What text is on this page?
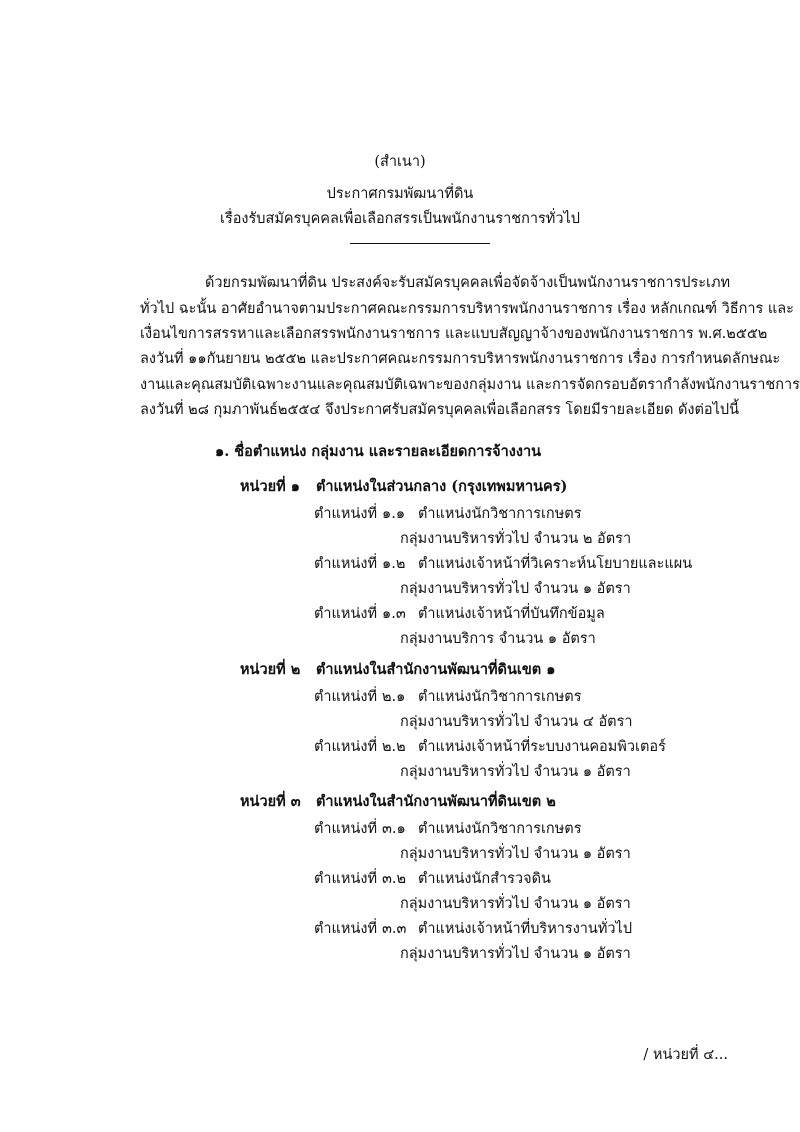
(สำเนา)
ประกาศกรมพัฒนาที่ดิน
เรื่องรับสมัครบุคคลเพื่อเลือกสรรเป็นพนักงานราชการทั่วไป
ด้วยกรมพัฒนาที่ดิน ประสงค์จะรับสมัครบุคคลเพื่อจัดจ้างเป็นพนักงานราชการประเภท
ทั่วไป ฉะนั้น อาศัยอำนาจตามประกาศคณะกรรมการบริหารพนักงานราชการ เรื่อง หลักเกณฑ์ วิธีการ และ
เงื่อนไขการสรรหาและเลือกสรรพนักงานราชการ และแบบสัญญาจ้างของพนักงานราชการ พ.ศ.๒๕๕๒
ลงวันที่ ๑๑กันยายน ๒๕๕๒ และประกาศคณะกรรมการบริหารพนักงานราชการ เรื่อง การกำหนดลักษณะ
งานและคุณสมบัติเฉพาะงานและคุณสมบัติเฉพาะของกลุ่มงาน และการจัดกรอบอัตรากำลังพนักงานราชการ
ลงวันที่ ๒๘ กุมภาพันธ์๒๕๕๔ จึงประกาศรับสมัครบุคคลเพื่อเลือกสรร โดยมีรายละเอียด ดังต่อไปนี้
๑. ชื่อตำแหน่ง กลุ่มงาน และรายละเอียดการจ้างงาน
หน่วยที่ ๑ ตำแหน่งในส่วนกลาง (กรุงเทพมหานคร)
ตำแหน่งที่ ๑.๑ ตำแหน่งนักวิชาการเกษตร
กลุ่มงานบริหารทั่วไป จำนวน ๒ อัตรา
ตำแหน่งที่ ๑.๒ ตำแหน่งเจ้าหน้าที่วิเคราะห์นโยบายและแผน
กลุ่มงานบริหารทั่วไป จำนวน ๑ อัตรา
ตำแหน่งที่ ๑.๓ ตำแหน่งเจ้าหน้าที่บันทึกข้อมูล
กลุ่มงานบริการ จำนวน ๑ อัตรา
หน่วยที่ ๒ ตำแหน่งในสำนักงานพัฒนาที่ดินเขต ๑
ตำแหน่งที่ ๒.๑ ตำแหน่งนักวิชาการเกษตร
กลุ่มงานบริหารทั่วไป จำนวน ๔ อัตรา
ตำแหน่งที่ ๒.๒ ตำแหน่งเจ้าหน้าที่ระบบงานคอมพิวเตอร์
กลุ่มงานบริหารทั่วไป จำนวน ๑ อัตรา
หน่วยที่ ๓ ตำแหน่งในสำนักงานพัฒนาที่ดินเขต ๒
ตำแหน่งที่ ๓.๑ ตำแหน่งนักวิชาการเกษตร
กลุ่มงานบริหารทั่วไป จำนวน ๑ อัตรา
ตำแหน่งที่ ๓.๒ ตำแหน่งนักสำรวจดิน
กลุ่มงานบริหารทั่วไป จำนวน ๑ อัตรา
ตำแหน่งที่ ๓.๓ ตำแหน่งเจ้าหน้าที่บริหารงานทั่วไป
กลุ่มงานบริหารทั่วไป จำนวน ๑ อัตรา
/ หน่วยที่ ๔...
